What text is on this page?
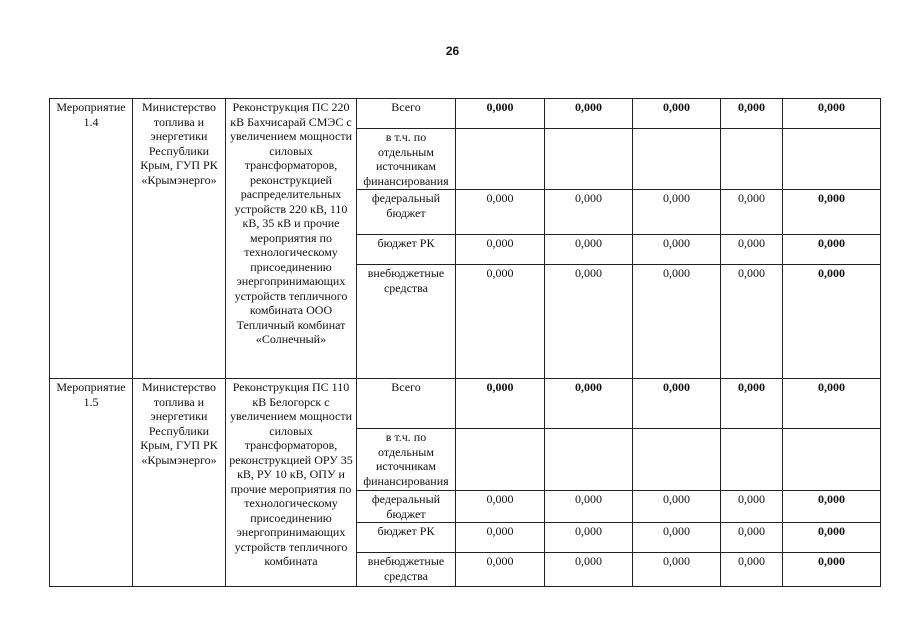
26
Мероприятие 1.4	Министерство топлива и энергетики Республики Крым, ГУП РК «Крымэнерго»	Реконструкция ПС 220 кВ Бахчисарай СМЭС с увеличением мощности силовых трансформаторов, реконструкцией распределительных устройств 220 кВ, 110 кВ, 35 кВ и прочие мероприятия по технологическому присоединению энергопринимающих устройств тепличного комбината ООО Тепличный комбинат «Солнечный»	Всего	0,000	0,000	0,000	0,000	0,000
			в т.ч. по отдельным источникам финансирования					
			федеральный бюджет	0,000	0,000	0,000	0,000	0,000
			бюджет РК	0,000	0,000	0,000	0,000	0,000
			внебюджетные средства	0,000	0,000	0,000	0,000	0,000
Мероприятие 1.5	Министерство топлива и энергетики Республики Крым, ГУП РК «Крымэнерго»	Реконструкция ПС 110 кВ Белогорск с увеличением мощности силовых трансформаторов, реконструкцией ОРУ 35 кВ, РУ 10 кВ, ОПУ и прочие мероприятия по технологическому присоединению энергопринимающих устройств тепличного комбината	Всего	0,000	0,000	0,000	0,000	0,000
			в т.ч. по отдельным источникам финансирования					
			федеральный бюджет	0,000	0,000	0,000	0,000	0,000
			бюджет РК	0,000	0,000	0,000	0,000	0,000
			внебюджетные средства	0,000	0,000	0,000	0,000	0,000
